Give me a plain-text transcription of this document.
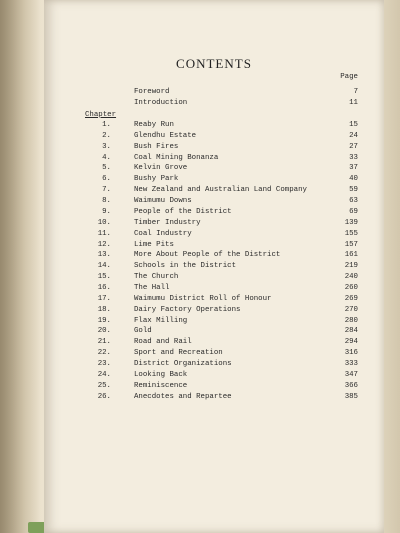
CONTENTS
Page
Chapter
Foreword	7
Introduction	11
1.	Reaby Run	15
2.	Glendhu Estate	24
3.	Bush Fires	27
4.	Coal Mining Bonanza	33
5.	Kelvin Grove	37
6.	Bushy Park	40
7.	New Zealand and Australian Land Company	59
8.	Waimumu Downs	63
9.	People of the District	69
10.	Timber Industry	139
11.	Coal Industry	155
12.	Lime Pits	157
13.	More About People of the District	161
14.	Schools in the District	219
15.	The Church	240
16.	The Hall	260
17.	Waimumu District Roll of Honour	269
18.	Dairy Factory Operations	270
19.	Flax Milling	280
20.	Gold	284
21.	Road and Rail	294
22.	Sport and Recreation	316
23.	District Organizations	333
24.	Looking Back	347
25.	Reminiscence	366
26.	Anecdotes and Repartee	385
